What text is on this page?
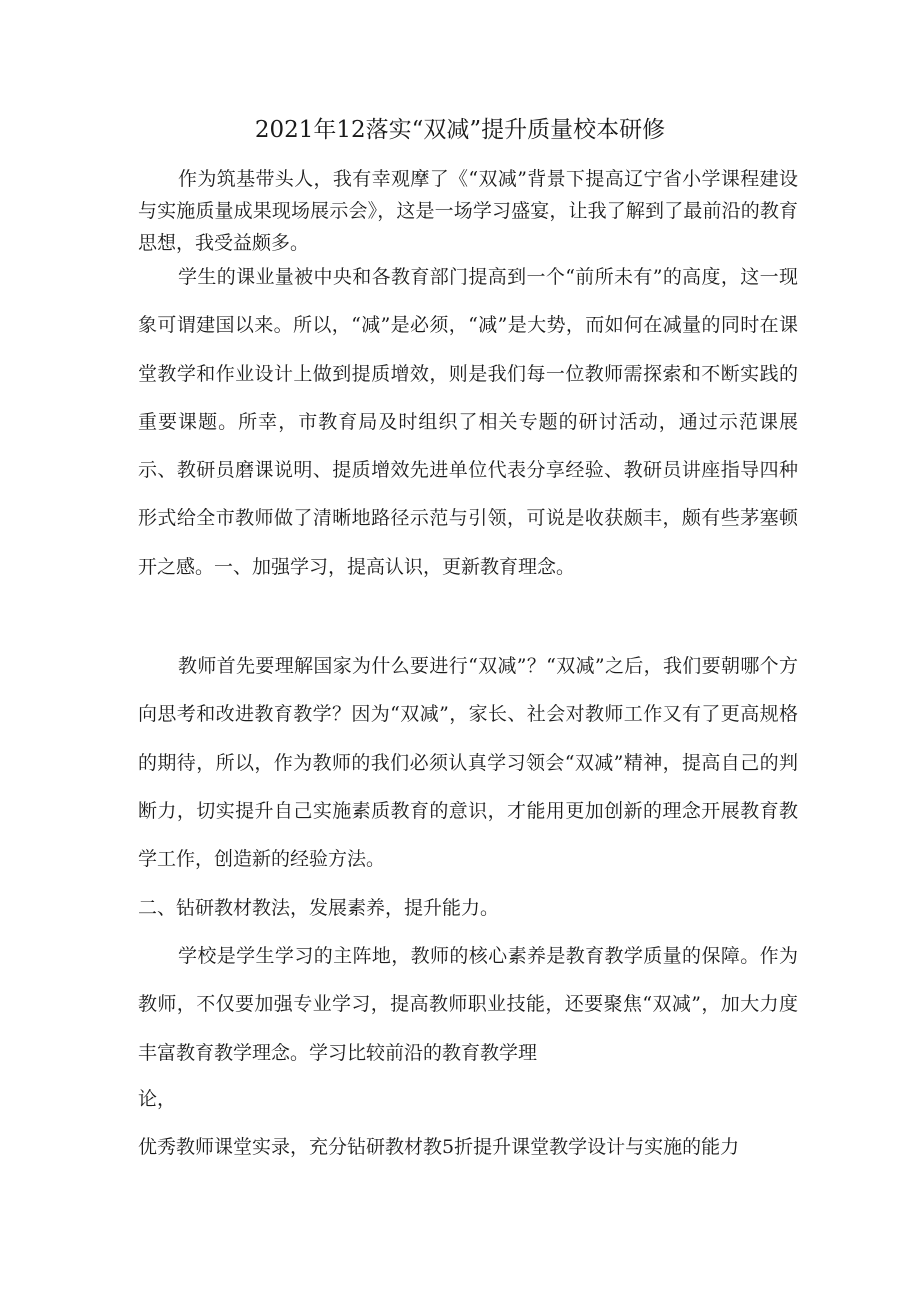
2021年12落实“双减”提升质量校本研修

作为筑基带头人，我有幸观摩了《“双减”背景下提高辽宁省小学课程建设与实施质量成果现场展示会》，这是一场学习盛宴，让我了解到了最前沿的教育思想，我受益颇多。

学生的课业量被中央和各教育部门提高到一个“前所未有”的高度，这一现象可谓建国以来。所以，“减”是必须，“减”是大势，而如何在减量的同时在课堂教学和作业设计上做到提质增效，则是我们每一位教师需探索和不断实践的重要课题。所幸，市教育局及时组织了相关专题的研讨活动，通过示范课展示、教研员磨课说明、提质增效先进单位代表分享经验、教研员讲座指导四种形式给全市教师做了清晰地路径示范与引领，可说是收获颇丰，颇有些茅塞顿开之感。一、加强学习，提高认识，更新教育理念。

教师首先要理解国家为什么要进行“双减”？“双减”之后，我们要朝哪个方向思考和改进教育教学？因为“双减”，家长、社会对教师工作又有了更高规格的期待，所以，作为教师的我们必须认真学习领会“双减”精神，提高自己的判断力，切实提升自己实施素质教育的意识，才能用更加创新的理念开展教育教学工作，创造新的经验方法。

二、钻研教材教法，发展素养，提升能力。

学校是学生学习的主阵地，教师的核心素养是教育教学质量的保障。作为教师，不仅要加强专业学习，提高教师职业技能，还要聚焦“双减”，加大力度丰富教育教学理念。学习比较前沿的教育教学理

论，

优秀教师课堂实录，充分钻研教材教5折提升课堂教学设计与实施的能力
